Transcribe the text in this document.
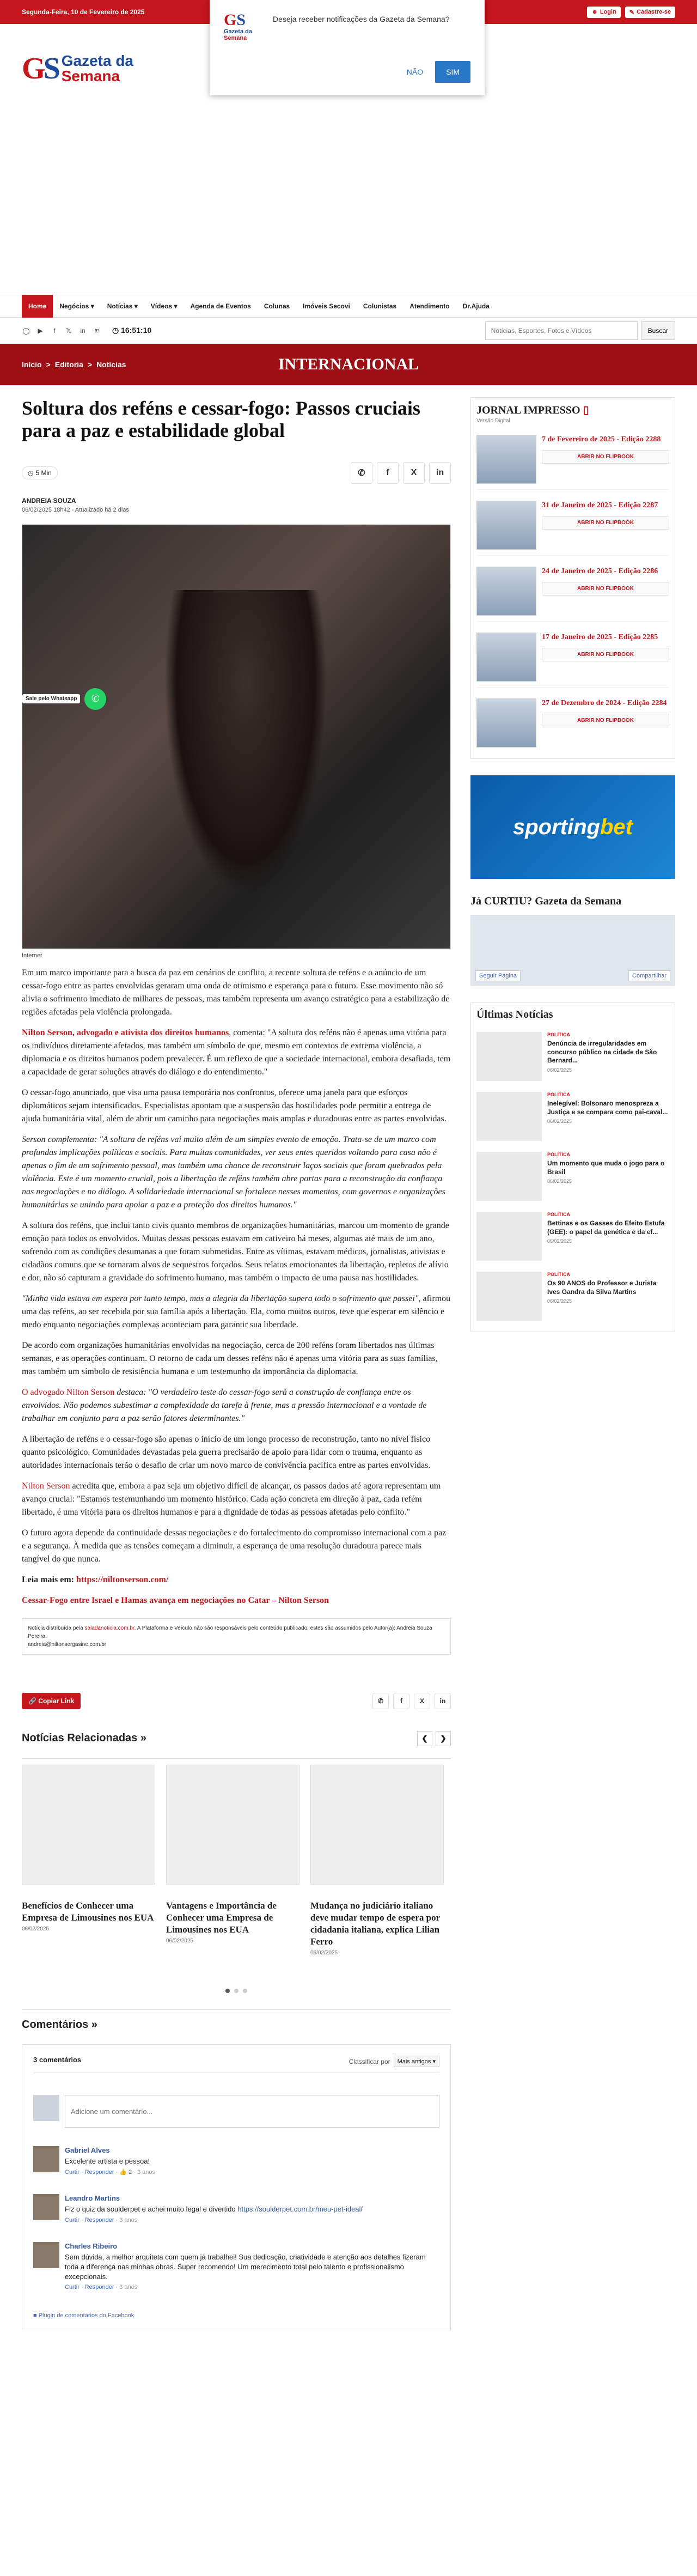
Segunda-Feira, 10 de Fevereiro de 2025	☻ Login ✎ Cadastre-se
GS
Gazeta da
Semana
Deseja receber notificações da Gazeta da Semana?
NÃO	SIM
GS Gazeta da
Semana
Home	Negócios ▾	Notícias ▾	Vídeos ▾	Agenda de Eventos	Colunas	Imóveis Secovi	Colunistas	Atendimento	Dr.Ajuda
◯ ▶	f	𝕏 in ≋ ◷ 16:51:10
Notícias, Esportes, Fotos e Vídeos	Buscar
Início > Editoria > Notícias	INTERNACIONAL
Soltura dos reféns e cessar-fogo: Passos cruciais para a paz e estabilidade global
◷ 5 Min	✆	f	X	in
ANDREIA SOUZA
06/02/2025 18h42 - Atualizado há 2 dias
Sale pelo Whatsapp	✆
Internet

Em um marco importante para a busca da paz em cenários de conflito, a recente soltura de reféns e o anúncio de um cessar-fogo entre as partes envolvidas geraram uma onda de otimismo e esperança para o futuro. Esse movimento não só alivia o sofrimento imediato de milhares de pessoas, mas também representa um avanço estratégico para a estabilização de regiões afetadas pela violência prolongada.

Nilton Serson, advogado e ativista dos direitos humanos, comenta: "A soltura dos reféns não é apenas uma vitória para os indivíduos diretamente afetados, mas também um símbolo de que, mesmo em contextos de extrema violência, a diplomacia e os direitos humanos podem prevalecer. É um reflexo de que a sociedade internacional, embora desafiada, tem a capacidade de gerar soluções através do diálogo e do entendimento."

O cessar-fogo anunciado, que visa uma pausa temporária nos confrontos, oferece uma janela para que esforços diplomáticos sejam intensificados. Especialistas apontam que a suspensão das hostilidades pode permitir a entrega de ajuda humanitária vital, além de abrir um caminho para negociações mais amplas e duradouras entre as partes envolvidas.

Serson complementa: "A soltura de reféns vai muito além de um simples evento de emoção. Trata-se de um marco com profundas implicações políticas e sociais. Para muitas comunidades, ver seus entes queridos voltando para casa não é apenas o fim de um sofrimento pessoal, mas também uma chance de reconstruir laços sociais que foram quebrados pela violência. Este é um momento crucial, pois a libertação de reféns também abre portas para a reconstrução da confiança nas negociações e no diálogo. A solidariedade internacional se fortalece nesses momentos, com governos e organizações humanitárias se unindo para apoiar a paz e a proteção dos direitos humanos."

A soltura dos reféns, que inclui tanto civis quanto membros de organizações humanitárias, marcou um momento de grande emoção para todos os envolvidos. Muitas dessas pessoas estavam em cativeiro há meses, algumas até mais de um ano, sofrendo com as condições desumanas a que foram submetidas. Entre as vítimas, estavam médicos, jornalistas, ativistas e cidadãos comuns que se tornaram alvos de sequestros forçados. Seus relatos emocionantes da libertação, repletos de alívio e dor, não só capturam a gravidade do sofrimento humano, mas também o impacto de uma pausa nas hostilidades.

"Minha vida estava em espera por tanto tempo, mas a alegria da libertação supera todo o sofrimento que passei", afirmou uma das reféns, ao ser recebida por sua família após a libertação. Ela, como muitos outros, teve que esperar em silêncio e medo enquanto negociações complexas aconteciam para garantir sua liberdade.

De acordo com organizações humanitárias envolvidas na negociação, cerca de 200 reféns foram libertados nas últimas semanas, e as operações continuam. O retorno de cada um desses reféns não é apenas uma vitória para as suas famílias, mas também um símbolo de resistência humana e um testemunho da importância da diplomacia.

O advogado Nilton Serson destaca: "O verdadeiro teste do cessar-fogo será a construção de confiança entre os envolvidos. Não podemos subestimar a complexidade da tarefa à frente, mas a pressão internacional e a vontade de trabalhar em conjunto para a paz serão fatores determinantes."

A libertação de reféns e o cessar-fogo são apenas o início de um longo processo de reconstrução, tanto no nível físico quanto psicológico. Comunidades devastadas pela guerra precisarão de apoio para lidar com o trauma, enquanto as autoridades internacionais terão o desafio de criar um novo marco de convivência pacífica entre as partes envolvidas.

Nilton Serson acredita que, embora a paz seja um objetivo difícil de alcançar, os passos dados até agora representam um avanço crucial: "Estamos testemunhando um momento histórico. Cada ação concreta em direção à paz, cada refém libertado, é uma vitória para os direitos humanos e para a dignidade de todas as pessoas afetadas pelo conflito."

O futuro agora depende da continuidade dessas negociações e do fortalecimento do compromisso internacional com a paz e a segurança. À medida que as tensões começam a diminuir, a esperança de uma resolução duradoura parece mais tangível do que nunca.

Leia mais em: https://niltonserson.com/

Cessar-Fogo entre Israel e Hamas avança em negociações no Catar – Nilton Serson

Notícia distribuída pela saladanoticia.com.br. A Plataforma e Veículo não são responsáveis pelo conteúdo publicado, estes são assumidos pelo Autor(a): Andreia Souza Pereira
andreia@niltonsergasine.com.br
🔗 Copiar Link	✆	f	X	in
Notícias Relacionadas »	❮	❯
Benefícios de Conhecer uma Empresa de Limousines nos EUA
06/02/2025
Vantagens e Importância de Conhecer uma Empresa de Limousines nos EUA
06/02/2025
Mudança no judiciário italiano deve mudar tempo de espera por cidadania italiana, explica Lilian Ferro
06/02/2025
Comentários »
3 comentários	Classificar por	Mais antigos ▾
Adicione um comentário...
Gabriel Alves
Excelente artista e pessoa!
Curtir · Responder · 👍 2 · 3 anos
Leandro Martins
Fiz o quiz da soulderpet e achei muito legal e divertido https://soulderpet.com.br/meu-pet-ideal/
Curtir · Responder · 3 anos
Charles Ribeiro
Sem dúvida, a melhor arquiteta com quem já trabalhei! Sua dedicação, criatividade e atenção aos detalhes fizeram toda a diferença nas minhas obras. Super recomendo! Um merecimento total pelo talento e profissionalismo excepcionais.
Curtir · Responder · 3 anos
■ Plugin de comentários do Facebook
JORNAL IMPRESSO ▯
Versão Digital
7 de Fevereiro de 2025 - Edição 2288
ABRIR NO FLIPBOOK
31 de Janeiro de 2025 - Edição 2287
ABRIR NO FLIPBOOK
24 de Janeiro de 2025 - Edição 2286
ABRIR NO FLIPBOOK
17 de Janeiro de 2025 - Edição 2285
ABRIR NO FLIPBOOK
27 de Dezembro de 2024 - Edição 2284
ABRIR NO FLIPBOOK
sportingbet
Já CURTIU? Gazeta da Semana
Seguir Página	Compartilhar
Últimas Notícias
POLÍTICA
Denúncia de irregularidades em concurso público na cidade de São Bernard...
06/02/2025
POLÍTICA
Inelegível: Bolsonaro menospreza a Justiça e se compara como pai-caval...
06/02/2025
POLÍTICA
Um momento que muda o jogo para o Brasil
06/02/2025
POLÍTICA
Bettinas e os Gasses do Efeito Estufa (GEE): o papel da genética e da ef...
06/02/2025
POLÍTICA
Os 90 ANOS do Professor e Jurista Ives Gandra da Silva Martins
06/02/2025
